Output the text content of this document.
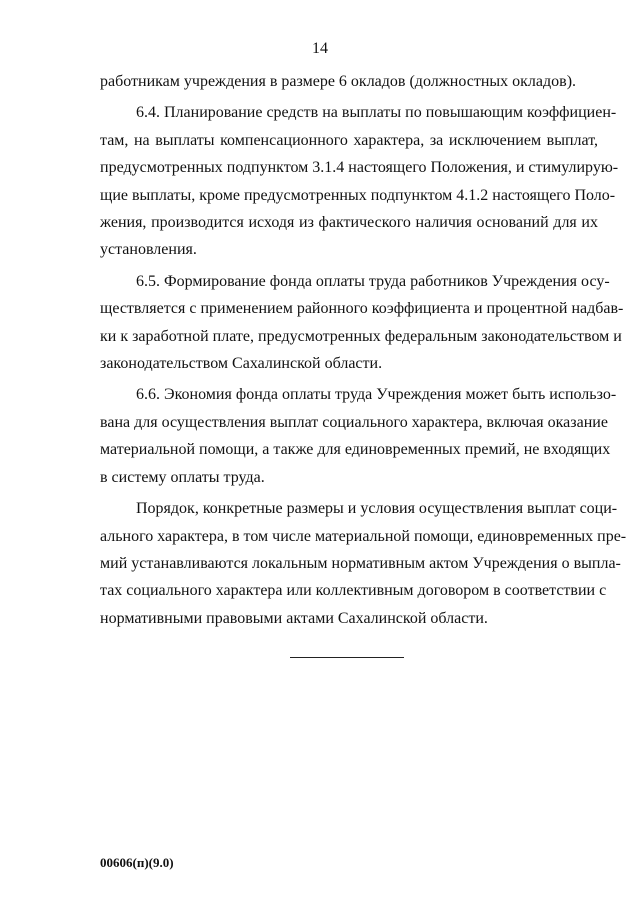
14

работникам учреждения в размере 6 окладов (должностных окладов).

6.4. Планирование средств на выплаты по повышающим коэффициен-
там, на выплаты компенсационного характера, за исключением выплат,
предусмотренных подпунктом 3.1.4 настоящего Положения, и стимулирую-
щие выплаты, кроме предусмотренных подпунктом 4.1.2 настоящего Поло-
жения, производится исходя из фактического наличия оснований для их
установления.

6.5. Формирование фонда оплаты труда работников Учреждения осу-
ществляется с применением районного коэффициента и процентной надбав-
ки к заработной плате, предусмотренных федеральным законодательством и
законодательством Сахалинской области.

6.6. Экономия фонда оплаты труда Учреждения может быть использо-
вана для осуществления выплат социального характера, включая оказание
материальной помощи, а также для единовременных премий, не входящих
в систему оплаты труда.

Порядок, конкретные размеры и условия осуществления выплат соци-
ального характера, в том числе материальной помощи, единовременных пре-
мий устанавливаются локальным нормативным актом Учреждения о выпла-
тах социального характера или коллективным договором в соответствии с
нормативными правовыми актами Сахалинской области.

00606(п)(9.0)
